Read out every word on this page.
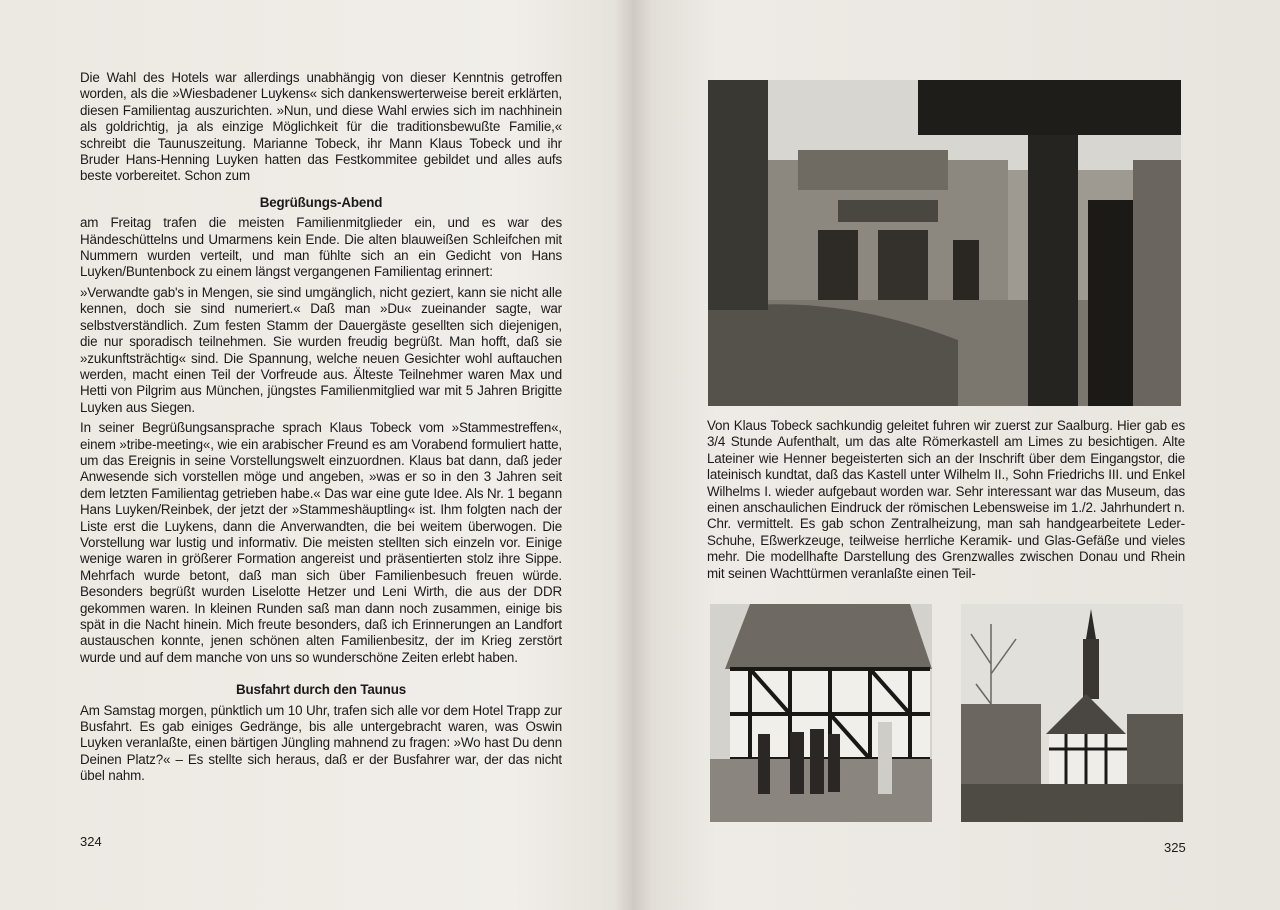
Die Wahl des Hotels war allerdings unabhängig von dieser Kenntnis getroffen worden, als die »Wiesbadener Luykens« sich dankenswerterweise bereit erklärten, diesen Familientag auszurichten. »Nun, und diese Wahl erwies sich im nachhinein als goldrichtig, ja als einzige Möglichkeit für die traditionsbewußte Familie,« schreibt die Taunuszeitung. Marianne Tobeck, ihr Mann Klaus Tobeck und ihr Bruder Hans-Henning Luyken hatten das Festkommitee gebildet und alles aufs beste vorbereitet. Schon zum

Begrüßungs-Abend

am Freitag trafen die meisten Familienmitglieder ein, und es war des Händeschüttelns und Umarmens kein Ende. Die alten blauweißen Schleifchen mit Nummern wurden verteilt, und man fühlte sich an ein Gedicht von Hans Luyken/Buntenbock zu einem längst vergangenen Familientag erinnert:

»Verwandte gab's in Mengen, sie sind umgänglich, nicht geziert, kann sie nicht alle kennen, doch sie sind numeriert.« Daß man »Du« zueinander sagte, war selbstverständlich. Zum festen Stamm der Dauergäste gesellten sich diejenigen, die nur sporadisch teilnehmen. Sie wurden freudig begrüßt. Man hofft, daß sie »zukunftsträchtig« sind. Die Spannung, welche neuen Gesichter wohl auftauchen werden, macht einen Teil der Vorfreude aus. Älteste Teilnehmer waren Max und Hetti von Pilgrim aus München, jüngstes Familienmitglied war mit 5 Jahren Brigitte Luyken aus Siegen.

In seiner Begrüßungsansprache sprach Klaus Tobeck vom »Stammestreffen«, einem »tribe-meeting«, wie ein arabischer Freund es am Vorabend formuliert hatte, um das Ereignis in seine Vorstellungswelt einzuordnen. Klaus bat dann, daß jeder Anwesende sich vorstellen möge und angeben, »was er so in den 3 Jahren seit dem letzten Familientag getrieben habe.« Das war eine gute Idee. Als Nr. 1 begann Hans Luyken/Reinbek, der jetzt der »Stammeshäuptling« ist. Ihm folgten nach der Liste erst die Luykens, dann die Anverwandten, die bei weitem überwogen. Die Vorstellung war lustig und informativ. Die meisten stellten sich einzeln vor. Einige wenige waren in größerer Formation angereist und präsentierten stolz ihre Sippe. Mehrfach wurde betont, daß man sich über Familienbesuch freuen würde. Besonders begrüßt wurden Liselotte Hetzer und Leni Wirth, die aus der DDR gekommen waren. In kleinen Runden saß man dann noch zusammen, einige bis spät in die Nacht hinein. Mich freute besonders, daß ich Erinnerungen an Landfort austauschen konnte, jenen schönen alten Familienbesitz, der im Krieg zerstört wurde und auf dem manche von uns so wunderschöne Zeiten erlebt haben.

Busfahrt durch den Taunus

Am Samstag morgen, pünktlich um 10 Uhr, trafen sich alle vor dem Hotel Trapp zur Busfahrt. Es gab einiges Gedränge, bis alle untergebracht waren, was Oswin Luyken veranlaßte, einen bärtigen Jüngling mahnend zu fragen: »Wo hast Du denn Deinen Platz?« – Es stellte sich heraus, daß er der Busfahrer war, der das nicht übel nahm.

324

Von Klaus Tobeck sachkundig geleitet fuhren wir zuerst zur Saalburg. Hier gab es 3/4 Stunde Aufenthalt, um das alte Römerkastell am Limes zu besichtigen. Alte Lateiner wie Henner begeisterten sich an der Inschrift über dem Eingangstor, die lateinisch kundtat, daß das Kastell unter Wilhelm II., Sohn Friedrichs III. und Enkel Wilhelms I. wieder aufgebaut worden war. Sehr interessant war das Museum, das einen anschaulichen Eindruck der römischen Lebensweise im 1./2. Jahrhundert n. Chr. vermittelt. Es gab schon Zentralheizung, man sah handgearbeitete Leder-Schuhe, Eßwerkzeuge, teilweise herrliche Keramik- und Glas-Gefäße und vieles mehr. Die modellhafte Darstellung des Grenzwalles zwischen Donau und Rhein mit seinen Wachttürmen veranlaßte einen Teil-

325
